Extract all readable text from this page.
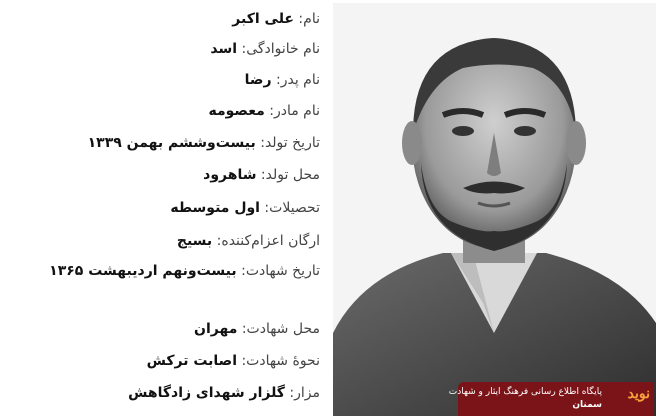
نام: علی اکبر
نام خانوادگی: اسد
نام پدر: رضا
نام مادر: معصومه
تاریخ تولد: بیست‌وششم بهمن ۱۳۳۹
محل تولد: شاهرود
تحصیلات: اول متوسطه
ارگان اعزام‌کننده: بسیج
تاریخ شهادت: بیست‌ونهم اردیبهشت ۱۳۶۵
محل شهادت: مهران
نحوهٔ شهادت: اصابت ترکش
مزار: گلزار شهدای زادگاهش	نوید
پایگاه اطلاع رسانی فرهنگ ایثار و شهادت
سمنان
